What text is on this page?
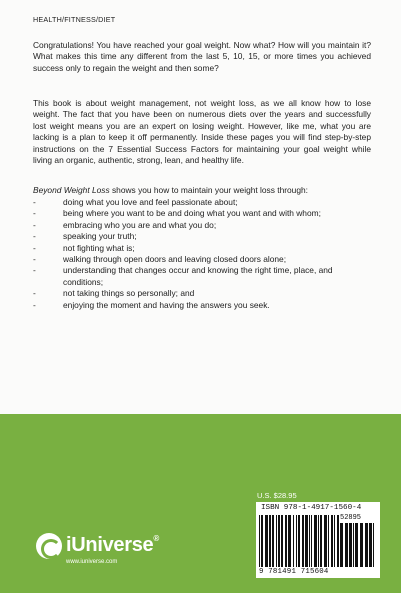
HEALTH/FITNESS/DIET

Congratulations! You have reached your goal weight. Now what? How will you maintain it? What makes this time any different from the last 5, 10, 15, or more times you achieved success only to regain the weight and then some?

This book is about weight management, not weight loss, as we all know how to lose weight. The fact that you have been on numerous diets over the years and successfully lost weight means you are an expert on losing weight. However, like me, what you are lacking is a plan to keep it off permanently. Inside these pages you will find step-by-step instructions on the 7 Essential Success Factors for maintaining your goal weight while living an organic, authentic, strong, lean, and healthy life.

Beyond Weight Loss shows you how to maintain your weight loss through:

-	doing what you love and feel passionate about;
-	being where you want to be and doing what you want and with whom;
-	embracing who you are and what you do;
-	speaking your truth;
-	not fighting what is;
-	walking through open doors and leaving closed doors alone;
-	understanding that changes occur and knowing the right time, place, and conditions;
-	not taking things so personally; and
-	enjoying the moment and having the answers you seek.
iUniverse®
www.iuniverse.com
U.S. $28.95
ISBN 978-1-4917-1560-4
52895
9 781491 715604
